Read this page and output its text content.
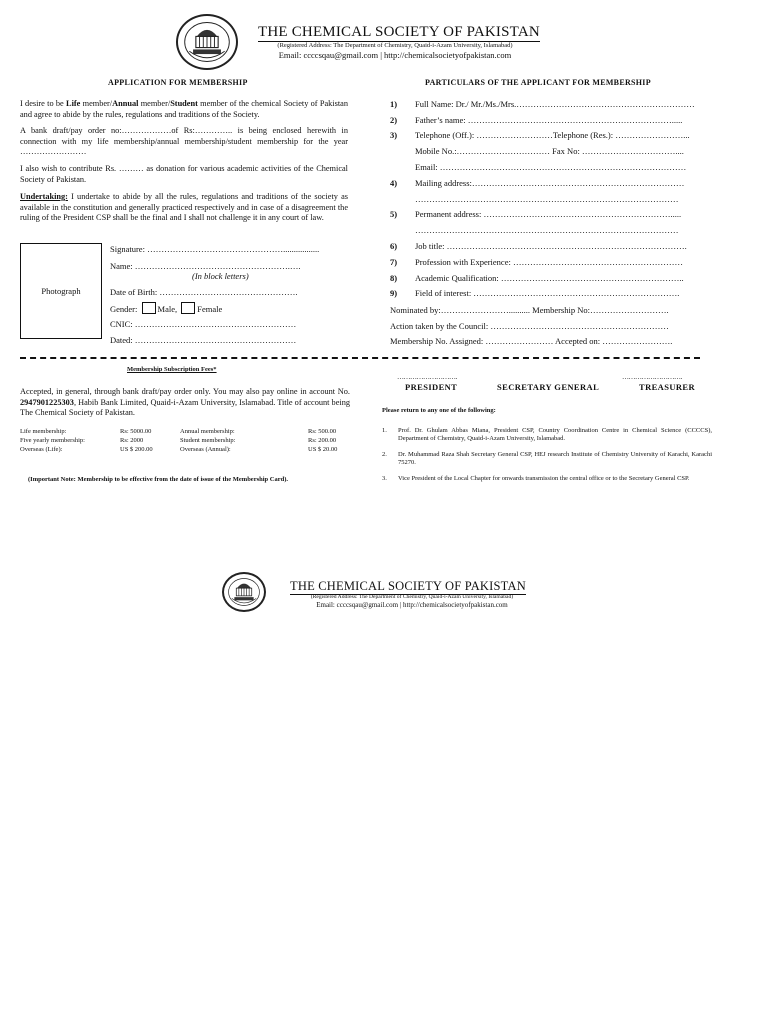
THE CHEMICAL SOCIETY OF PAKISTAN
(Registered Address: The Department of Chemistry, Quaid-i-Azam University, Islamabad)
Email: ccccsqau@gmail.com | http://chemicalsocietyofpakistan.com
APPLICATION FOR MEMBERSHIP
I desire to be Life member/Annual member/Student member of the chemical Society of Pakistan and agree to abide by the rules, regulations and traditions of the Society.
A bank draft/pay order no:………………of Rs:………….. is being enclosed herewith in connection with my life membership/annual membership/student membership for the year ……………………
I also wish to contribute Rs. ……… as donation for various academic activities of the Chemical Society of Pakistan.
Undertaking: I undertake to abide by all the rules, regulations and traditions of the society as available in the constitution and generally practiced respectively and in case of a disagreement the ruling of the President CSP shall be the final and I shall not challenge it in any court of law.
Photograph
Signature: ………………………………………….................
Name: ……………………………………………….….
(In block letters)
Date of Birth: ………………………………………….
Gender: Male, Female
CNIC: …………………………………………………
Dated: …………………………………………………
Membership Subscription Fees*
Accepted, in general, through bank draft/pay order only. You may also pay online in account No. 2947901225303, Habib Bank Limited, Quaid-i-Azam University, Islamabad. Title of account being The Chemical Society of Pakistan.
Life membership:	Rs: 5000.00	Annual membership:	Rs: 500.00
Five yearly membership:	Rs: 2000	Student membership:	Rs: 200.00
Overseas (Life):	US $ 200.00	Overseas (Annual):	US $ 20.00
(Important Note: Membership to be effective from the date of issue of the Membership Card).
PARTICULARS OF THE APPLICANT FOR MEMBERSHIP
1) Full Name: Dr./ Mr./Ms./Mrs.………………………………………………………
2) Father’s name: ……………………………………………………………….....
3) Telephone (Off.): ………………………Telephone (Res.): ……………………...
Mobile No.:…………………………… Fax No: ……………………………....
Email: ……………………………………………………………………………
4) Mailing address:…………………………………………………………………
…………………………………………………………………………………
5) Permanent address: ………………………………………………………….....
…………………………………………………………………………………
6) Job title: ………………………………………………………………………….
7) Profession with Experience: ……………………………………………………
8) Academic Qualification: ………………………………………………………..
9) Field of interest: ……………………………………………………………….
Nominated by:…………………….......... Membership No:……………………….
Action taken by the Council: ………………………………………………………
Membership No. Assigned: …………………… Accepted on: …………………….
……………………….	……………………….
PRESIDENT	SECRETARY GENERAL	TREASURER
Please return to any one of the following:
1. Prof. Dr. Ghulam Abbas Miana, President CSP, Country Coordination Centre in Chemical Science (CCCCS), Department of Chemistry, Quaid-i-Azam University, Islamabad.
2. Dr. Muhammad Raza Shah Secretary General CSP, HEJ research Institute of Chemistry University of Karachi, Karachi 75270.
3. Vice President of the Local Chapter for onwards transmission the central office or to the Secretary General CSP.
THE CHEMICAL SOCIETY OF PAKISTAN
(Registered Address: The Department of Chemistry, Quaid-i-Azam University, Islamabad)
Email: ccccsqau@gmail.com | http://chemicalsocietyofpakistan.com
